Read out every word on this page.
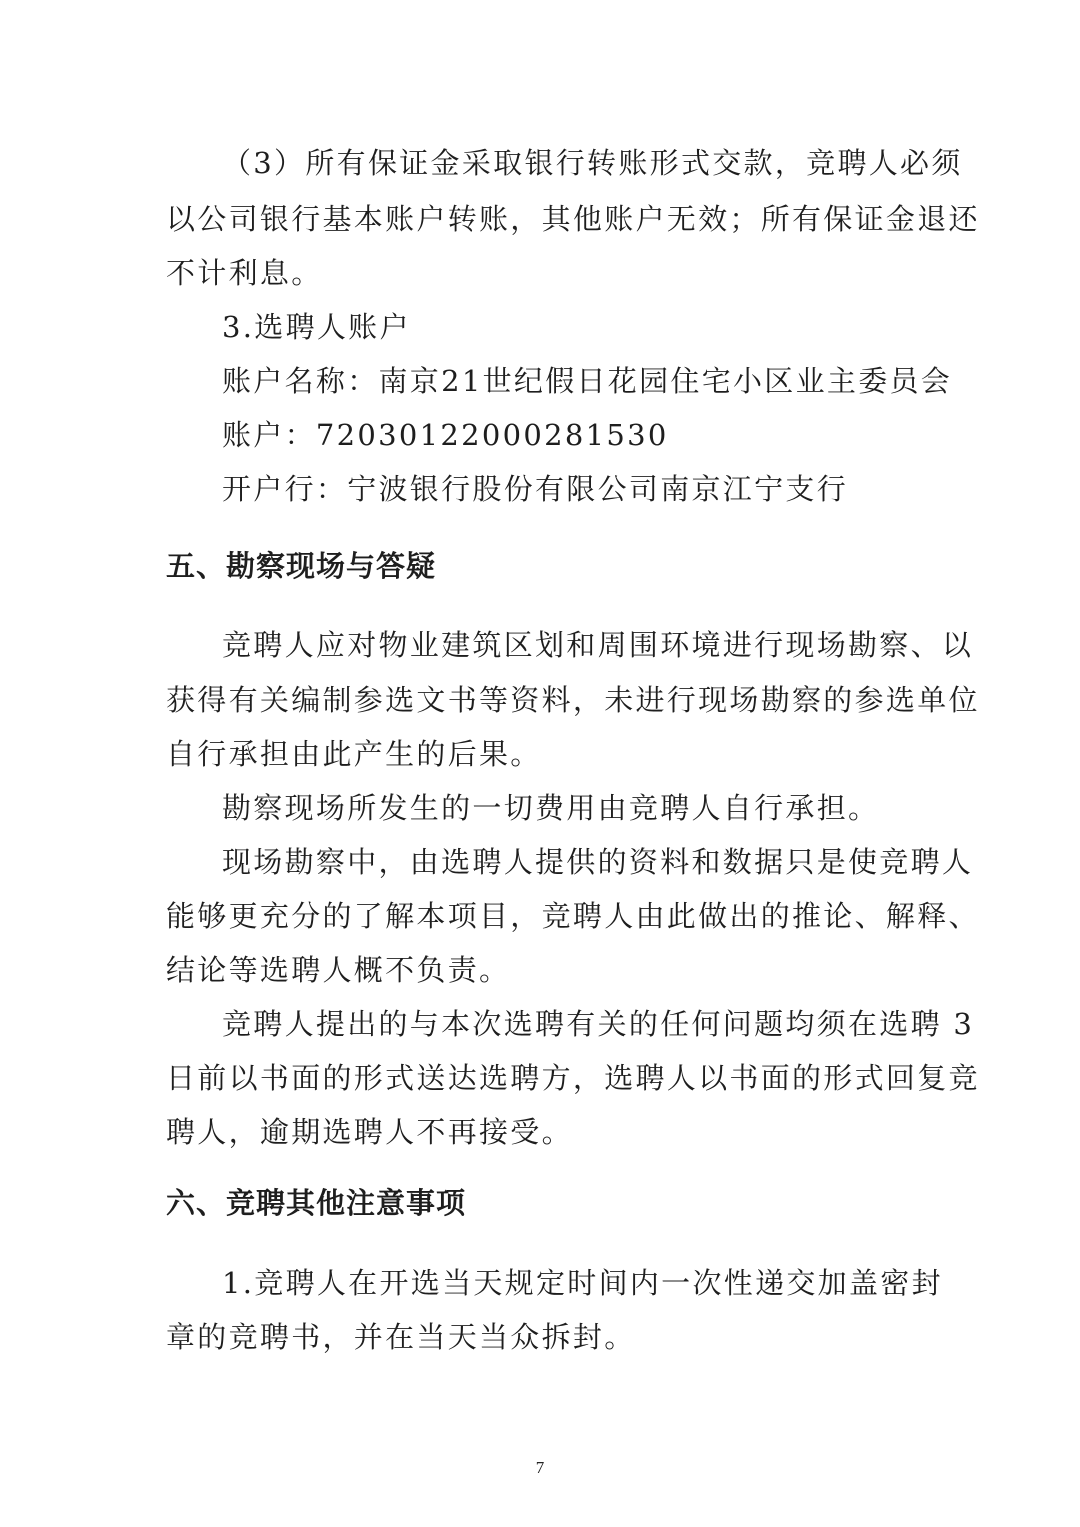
（3）所有保证金采取银行转账形式交款，竞聘人必须

以公司银行基本账户转账，其他账户无效；所有保证金退还

不计利息。

3.选聘人账户

账户名称：南京21世纪假日花园住宅小区业主委员会

账户：72030122000281530

开户行：宁波银行股份有限公司南京江宁支行

五、勘察现场与答疑

竞聘人应对物业建筑区划和周围环境进行现场勘察、以

获得有关编制参选文书等资料，未进行现场勘察的参选单位

自行承担由此产生的后果。

勘察现场所发生的一切费用由竞聘人自行承担。

现场勘察中，由选聘人提供的资料和数据只是使竞聘人

能够更充分的了解本项目，竞聘人由此做出的推论、解释、

结论等选聘人概不负责。

竞聘人提出的与本次选聘有关的任何问题均须在选聘 3

日前以书面的形式送达选聘方，选聘人以书面的形式回复竞

聘人，逾期选聘人不再接受。

六、竞聘其他注意事项

1.竞聘人在开选当天规定时间内一次性递交加盖密封

章的竞聘书，并在当天当众拆封。

7
